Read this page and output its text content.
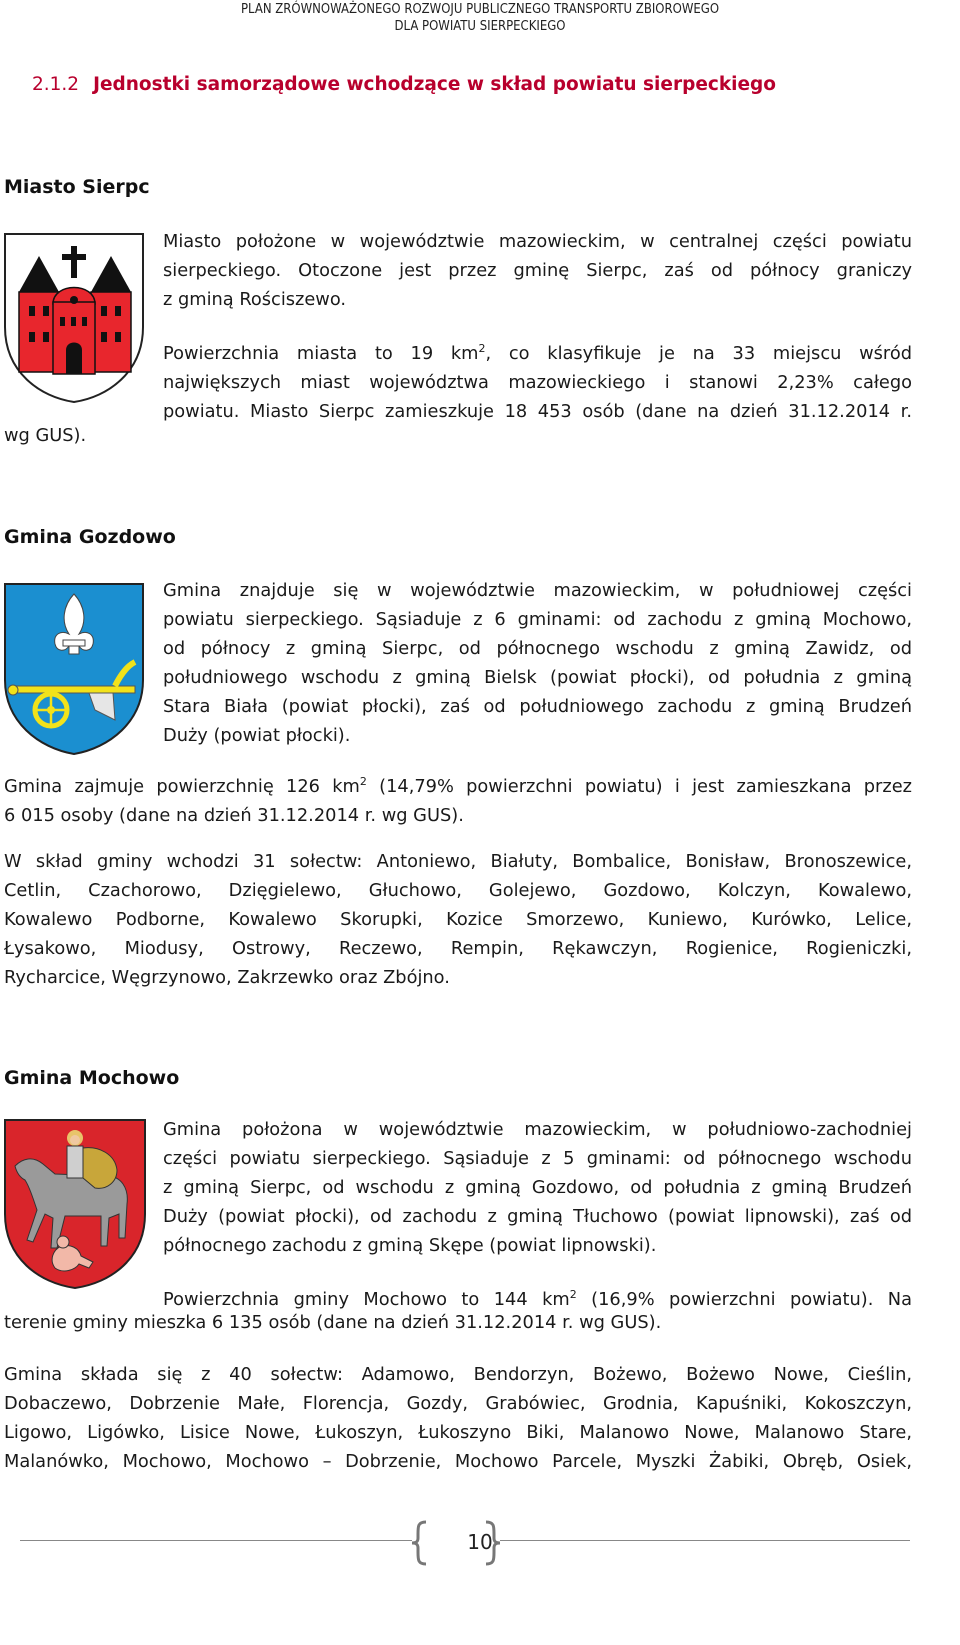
PLAN ZRÓWNOWAŻONEGO ROZWOJU PUBLICZNEGO TRANSPORTU ZBIOROWEGO
DLA POWIATU SIERPECKIEGO
2.1.2 Jednostki samorządowe wchodzące w skład powiatu sierpeckiego
Miasto Sierpc
Miasto położone w województwie mazowieckim, w centralnej części powiatu
sierpeckiego. Otoczone jest przez gminę Sierpc, zaś od północy graniczy
z gminą Rościszewo.
Powierzchnia miasta to 19 $km^2$, co klasyfikuje je na 33 miejscu wśród
największych miast województwa mazowieckiego i stanowi 2,23% całego
powiatu. Miasto Sierpc zamieszkuje 18 453 osób (dane na dzień 31.12.2014 r.
wg GUS).
Gmina Gozdowo
Gmina znajduje się w województwie mazowieckim, w południowej części
powiatu sierpeckiego. Sąsiaduje z 6 gminami: od zachodu z gminą Mochowo,
od północy z gminą Sierpc, od północnego wschodu z gminą Zawidz, od
południowego wschodu z gminą Bielsk (powiat płocki), od południa z gminą
Stara Biała (powiat płocki), zaś od południowego zachodu z gminą Brudzeń
Duży (powiat płocki).
Gmina zajmuje powierzchnię 126 $km^2$ (14,79% powierzchni powiatu) i jest zamieszkana przez
6 015 osoby (dane na dzień 31.12.2014 r. wg GUS).
W skład gminy wchodzi 31 sołectw: Antoniewo, Białuty, Bombalice, Bonisław, Bronoszewice,
Cetlin, Czachorowo, Dzięgielewo, Głuchowo, Golejewo, Gozdowo, Kolczyn, Kowalewo,
Kowalewo Podborne, Kowalewo Skorupki, Kozice Smorzewo, Kuniewo, Kurówko, Lelice,
Łysakowo, Miodusy, Ostrowy, Reczewo, Rempin, Rękawczyn, Rogienice, Rogieniczki,
Rycharcice, Węgrzynowo, Zakrzewko oraz Zbójno.
Gmina Mochowo
Gmina położona w województwie mazowieckim, w południowo-zachodniej
części powiatu sierpeckiego. Sąsiaduje z 5 gminami: od północnego wschodu
z gminą Sierpc, od wschodu z gminą Gozdowo, od południa z gminą Brudzeń
Duży (powiat płocki), od zachodu z gminą Tłuchowo (powiat lipnowski), zaś od
północnego zachodu z gminą Skępe (powiat lipnowski).
Powierzchnia gminy Mochowo to 144 $km^2$ (16,9% powierzchni powiatu). Na
terenie gminy mieszka 6 135 osób (dane na dzień 31.12.2014 r. wg GUS).
Gmina składa się z 40 sołectw: Adamowo, Bendorzyn, Bożewo, Bożewo Nowe, Cieślin,
Dobaczewo, Dobrzenie Małe, Florencja, Gozdy, Grabówiec, Grodnia, Kapuśniki, Kokoszczyn,
Ligowo, Ligówko, Lisice Nowe, Łukoszyn, Łukoszyno Biki, Malanowo Nowe, Malanowo Stare,
Malanówko, Mochowo, Mochowo – Dobrzenie, Mochowo Parcele, Myszki Żabiki, Obręb, Osiek,
10
